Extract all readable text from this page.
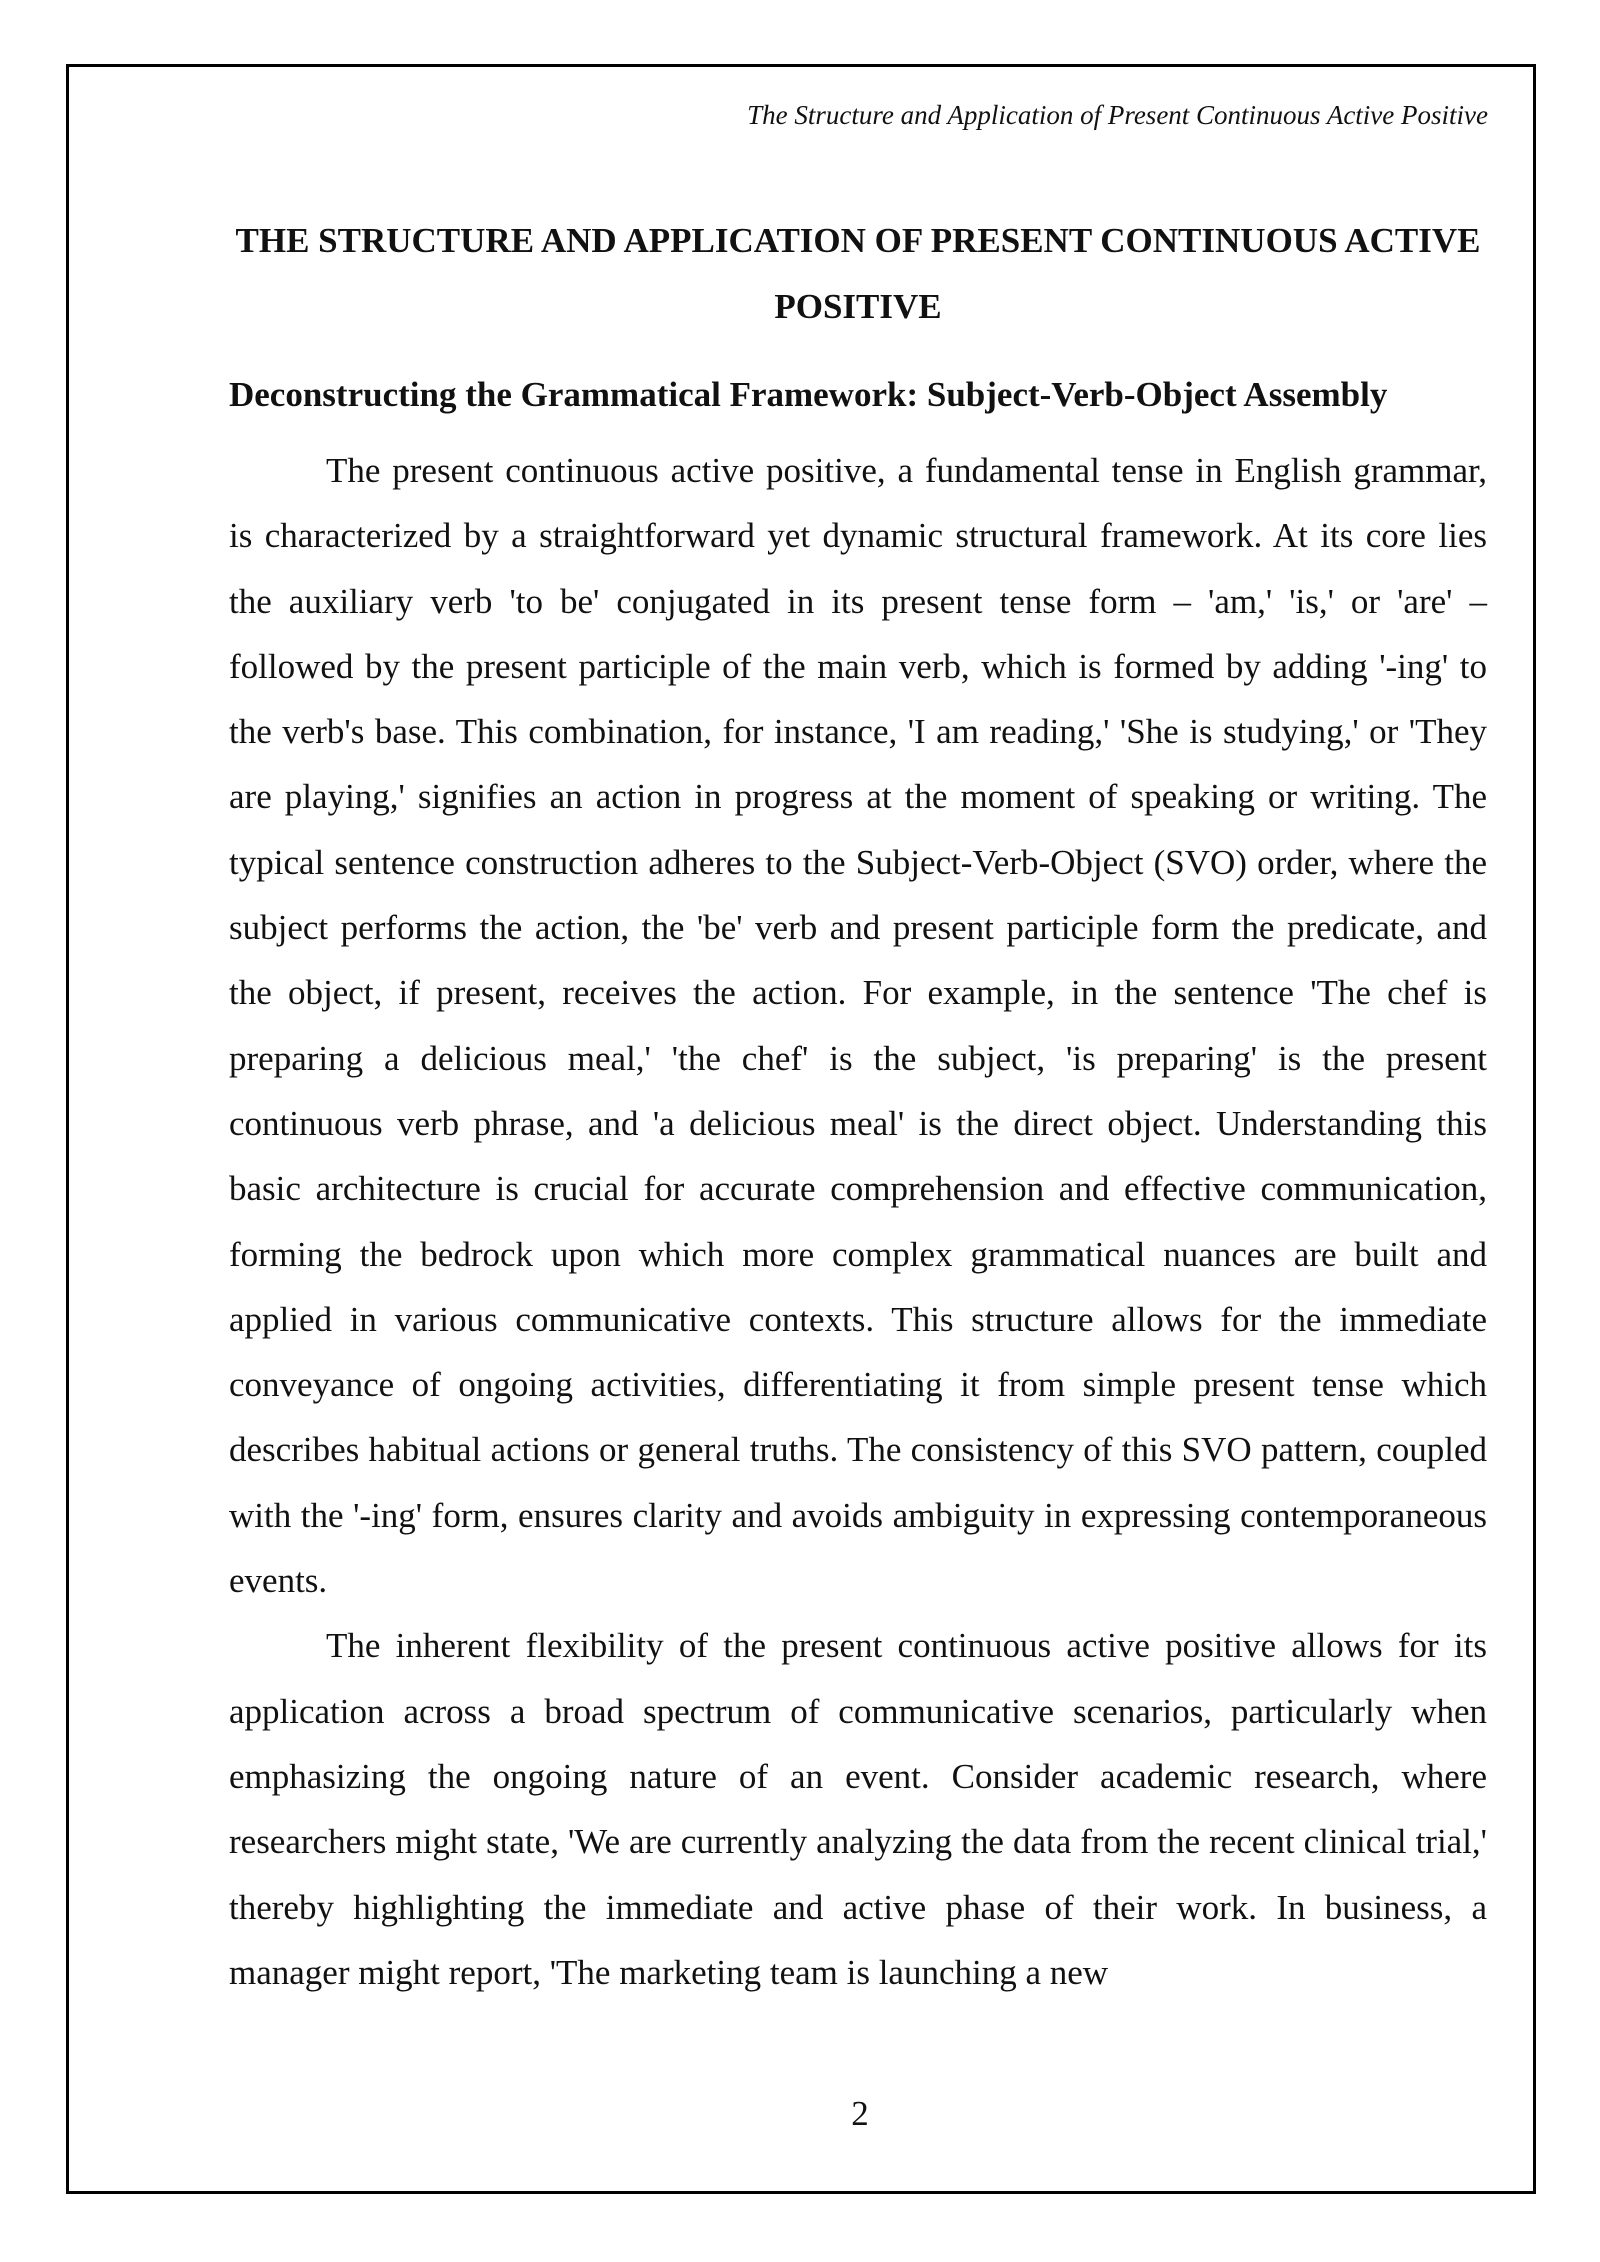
The Structure and Application of Present Continuous Active Positive
THE STRUCTURE AND APPLICATION OF PRESENT CONTINUOUS ACTIVE POSITIVE
Deconstructing the Grammatical Framework: Subject-Verb-Object Assembly

The present continuous active positive, a fundamental tense in English grammar, is characterized by a straightforward yet dynamic structural framework. At its core lies the auxiliary verb 'to be' conjugated in its present tense form – 'am,' 'is,' or 'are' – followed by the present participle of the main verb, which is formed by adding '-ing' to the verb's base. This combination, for instance, 'I am reading,' 'She is studying,' or 'They are playing,' signifies an action in progress at the moment of speaking or writing. The typical sentence construction adheres to the Subject-Verb-Object (SVO) order, where the subject performs the action, the 'be' verb and present participle form the predicate, and the object, if present, receives the action. For example, in the sentence 'The chef is preparing a delicious meal,' 'the chef' is the subject, 'is preparing' is the present continuous verb phrase, and 'a delicious meal' is the direct object. Understanding this basic architecture is crucial for accurate comprehension and effective communication, forming the bedrock upon which more complex grammatical nuances are built and applied in various communicative contexts. This structure allows for the immediate conveyance of ongoing activities, differentiating it from simple present tense which describes habitual actions or general truths. The consistency of this SVO pattern, coupled with the '-ing' form, ensures clarity and avoids ambiguity in expressing contemporaneous events.

The inherent flexibility of the present continuous active positive allows for its application across a broad spectrum of communicative scenarios, particularly when emphasizing the ongoing nature of an event. Consider academic research, where researchers might state, 'We are currently analyzing the data from the recent clinical trial,' thereby highlighting the immediate and active phase of their work. In business, a manager might report, 'The marketing team is launching a new

2
